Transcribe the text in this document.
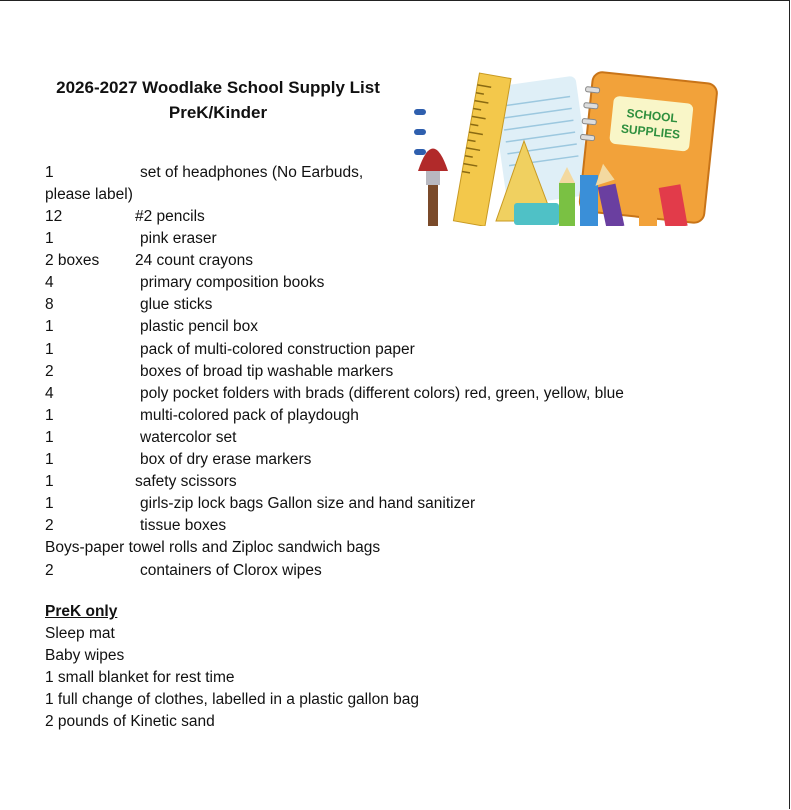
2026-2027 Woodlake School Supply List
PreK/Kinder	SCHOOL
SUPPLIES
1	set of headphones (No Earbuds,
please label)
12	#2 pencils
1	pink eraser
2 boxes 24 count crayons
4	primary composition books
8	glue sticks
1	plastic pencil box
1	pack of multi-colored construction paper
2	boxes of broad tip washable markers
4	poly pocket folders with brads (different colors) red, green, yellow, blue
1	multi-colored pack of playdough
1	watercolor set
1	box of dry erase markers
1	safety scissors
1	girls-zip lock bags Gallon size and hand sanitizer
2	tissue boxes
Boys-paper towel rolls and Ziploc sandwich bags
2	containers of Clorox wipes
PreK only
Sleep mat
Baby wipes
1 small blanket for rest time
1 full change of clothes, labelled in a plastic gallon bag
2 pounds of Kinetic sand
